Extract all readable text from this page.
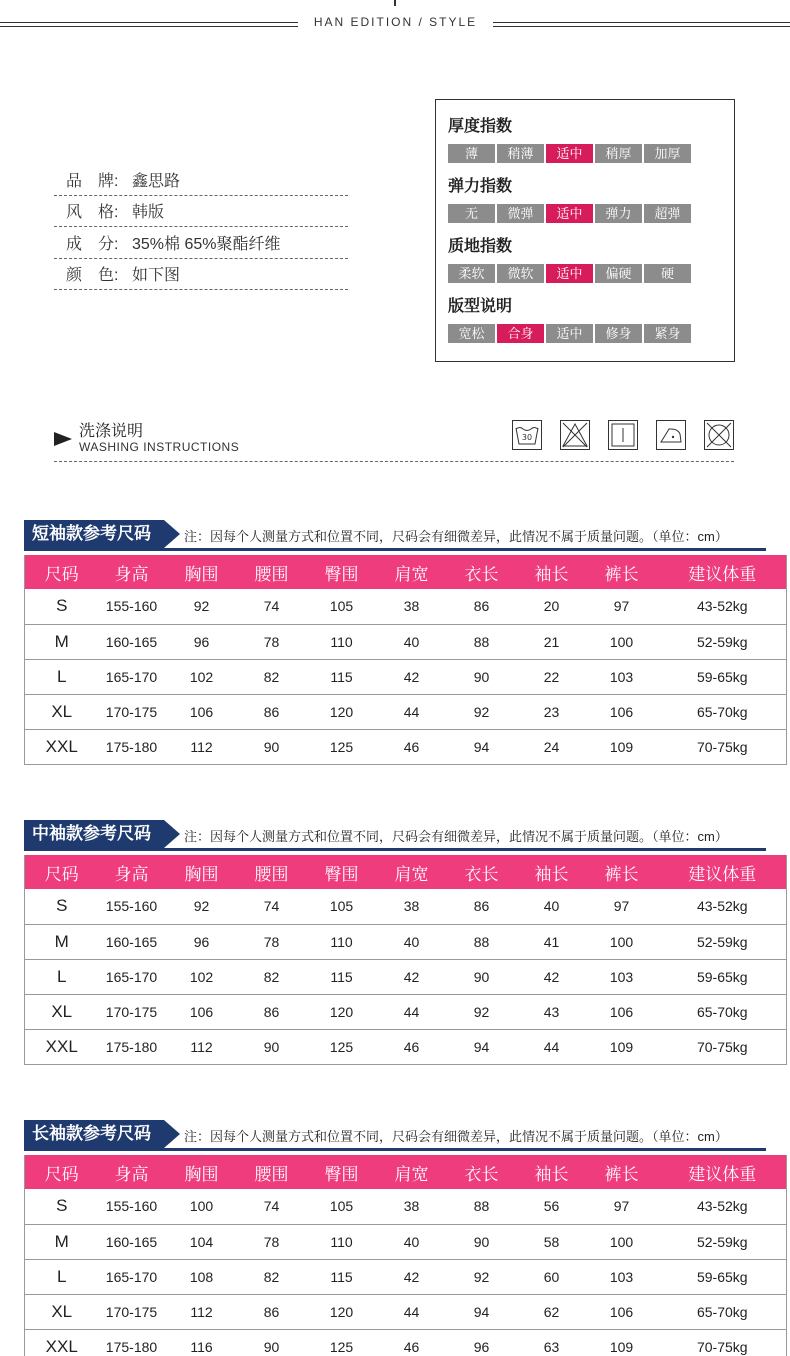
HAN EDITION / STYLE
品　牌: 鑫思路
风　格: 韩版
成　分: 35%棉 65%聚酯纤维
颜　色: 如下图
厚度指数
薄	稍薄	适中	稍厚	加厚
弹力指数
无	微弹	适中	弹力	超弹
质地指数
柔软	微软	适中	偏硬	硬
版型说明
宽松	合身	适中	修身	紧身
洗涤说明
WASHING INSTRUCTIONS
30
短袖款参考尺码	注：因每个人测量方式和位置不同，尺码会有细微差异，此情况不属于质量问题。（单位：cm）
尺码	身高	胸围	腰围	臀围	肩宽	衣长	袖长	裤长	建议体重
S	155-160	92	74	105	38	86	20	97	43-52kg
M	160-165	96	78	110	40	88	21	100	52-59kg
L	165-170	102	82	115	42	90	22	103	59-65kg
XL	170-175	106	86	120	44	92	23	106	65-70kg
XXL	175-180	112	90	125	46	94	24	109	70-75kg
中袖款参考尺码	注：因每个人测量方式和位置不同，尺码会有细微差异，此情况不属于质量问题。（单位：cm）
尺码	身高	胸围	腰围	臀围	肩宽	衣长	袖长	裤长	建议体重
S	155-160	92	74	105	38	86	40	97	43-52kg
M	160-165	96	78	110	40	88	41	100	52-59kg
L	165-170	102	82	115	42	90	42	103	59-65kg
XL	170-175	106	86	120	44	92	43	106	65-70kg
XXL	175-180	112	90	125	46	94	44	109	70-75kg
长袖款参考尺码	注：因每个人测量方式和位置不同，尺码会有细微差异，此情况不属于质量问题。（单位：cm）
尺码	身高	胸围	腰围	臀围	肩宽	衣长	袖长	裤长	建议体重
S	155-160	100	74	105	38	88	56	97	43-52kg
M	160-165	104	78	110	40	90	58	100	52-59kg
L	165-170	108	82	115	42	92	60	103	59-65kg
XL	170-175	112	86	120	44	94	62	106	65-70kg
XXL	175-180	116	90	125	46	96	63	109	70-75kg
